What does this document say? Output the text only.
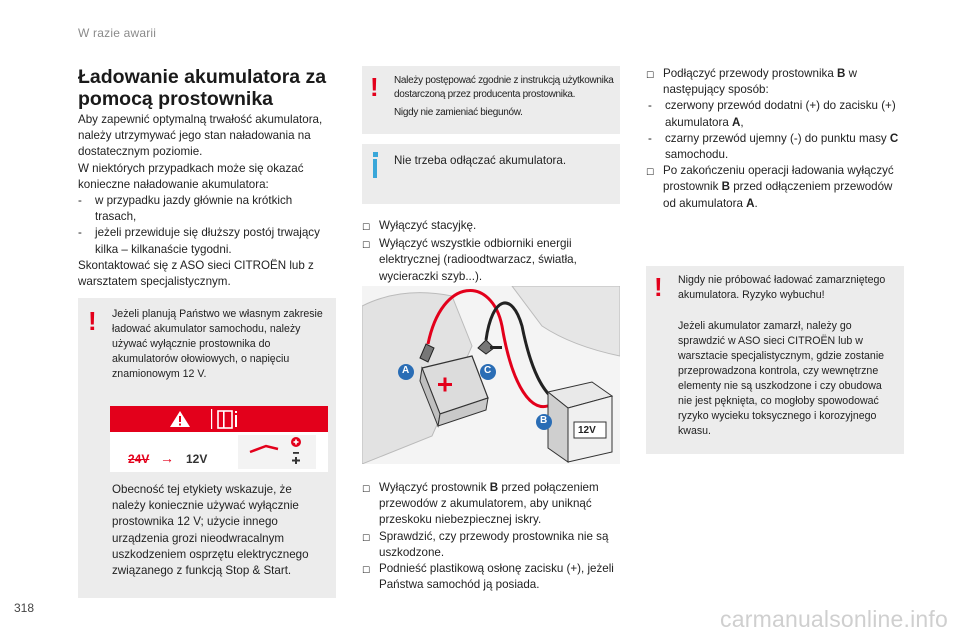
W razie awarii
Ładowanie akumulatora za pomocą prostownika

Aby zapewnić optymalną trwałość akumulatora, należy utrzymywać jego stan naładowania na dostatecznym poziomie.

W niektórych przypadkach może się okazać konieczne naładowanie akumulatora:

-	w przypadku jazdy głównie na krótkich trasach,
-	jeżeli przewiduje się dłuższy postój trwający kilka – kilkanaście tygodni.

Skontaktować się z ASO sieci CITROËN lub z warsztatem specjalistycznym.

! Jeżeli planują Państwo we własnym zakresie ładować akumulator samochodu, należy używać wyłącznie prostownika do akumulatorów ołowiowych, o napięciu znamionowym 12 V.
24V	12V
→
Obecność tej etykiety wskazuje, że należy koniecznie używać wyłącznie prostownika 12 V; użycie innego urządzenia grozi nieodwracalnym uszkodzeniem osprzętu elektrycznego związanego z funkcją Stop & Start.
! Należy postępować zgodnie z instrukcją użytkownika dostarczoną przez producenta prostownika.
Nigdy nie zamieniać biegunów.
Nie trzeba odłączać akumulatora.
☐ Wyłączyć stacyjkę.
☐ Wyłączyć wszystkie odbiorniki energii elektrycznej (radioodtwarzacz, światła, wycieraczki szyb...).
A	C
B
12V
☐ Wyłączyć prostownik B przed połączeniem przewodów z akumulatorem, aby uniknąć przeskoku niebezpiecznej iskry.
☐ Sprawdzić, czy przewody prostownika nie są uszkodzone.
☐ Podnieść plastikową osłonę zacisku (+), jeżeli Państwa samochód ją posiada.
☐ Podłączyć przewody prostownika B w następujący sposób:
-	czerwony przewód dodatni (+) do zacisku (+) akumulatora A,
-	czarny przewód ujemny (-) do punktu masy C samochodu.
☐ Po zakończeniu operacji ładowania wyłączyć prostownik B przed odłączeniem przewodów od akumulatora A.
! Nigdy nie próbować ładować zamarzniętego akumulatora. Ryzyko wybuchu!
Jeżeli akumulator zamarzł, należy go sprawdzić w ASO sieci CITROËN lub w warsztacie specjalistycznym, gdzie zostanie przeprowadzona kontrola, czy wewnętrzne elementy nie są uszkodzone i czy obudowa nie jest pęknięta, co mogłoby spowodować ryzyko wycieku toksycznego i korozyjnego kwasu.
318	carmanualsonline.info
